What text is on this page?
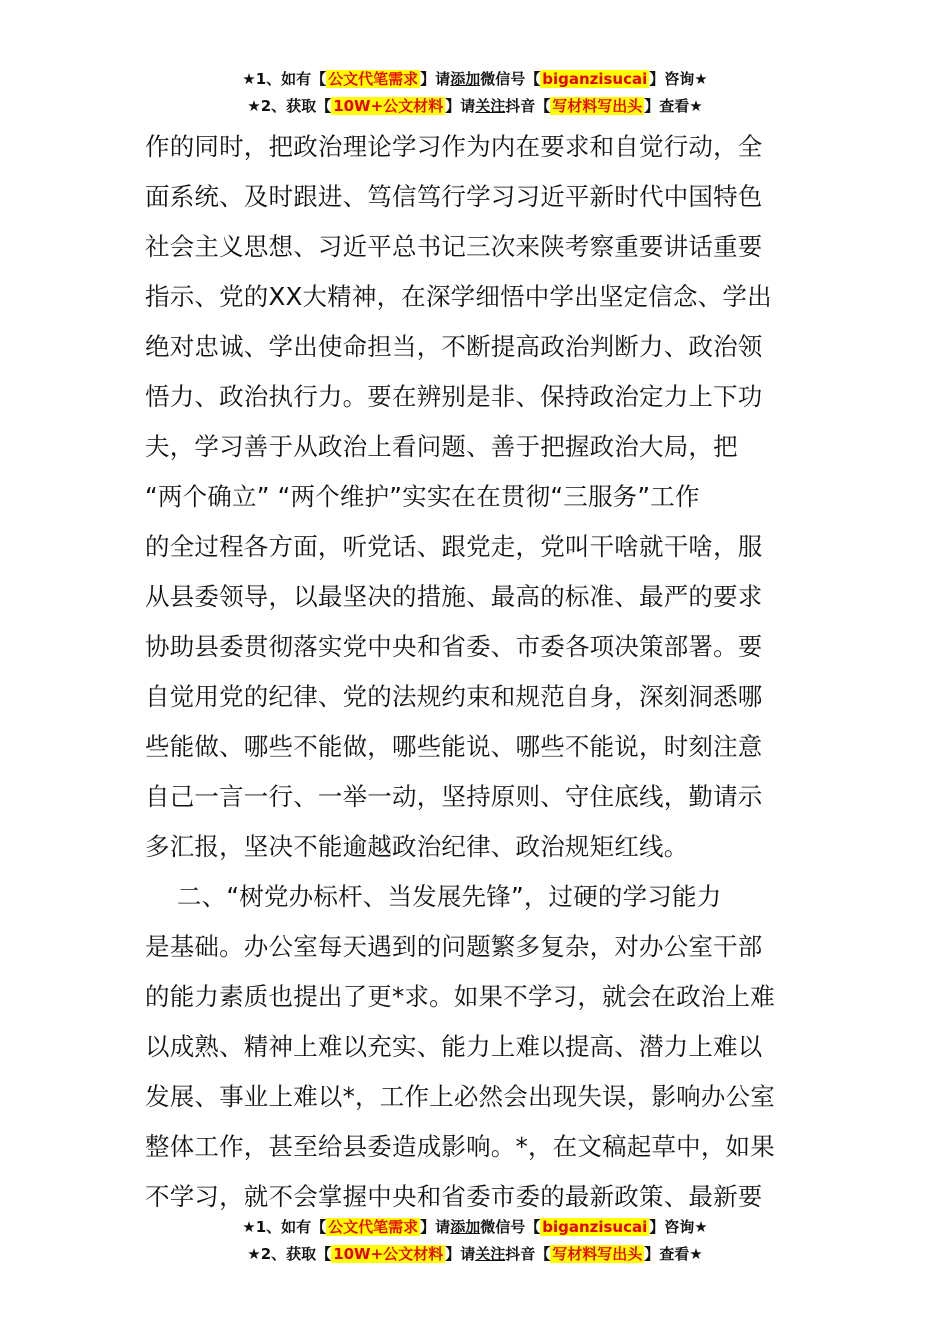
★1、如有【 公文代笔需求 】请添加微信号【 biganzisucai 】咨询★
★2、获取【 10W+公文材料 】请关注抖音【 写材料写出头 】查看★
作的同时，把政治理论学习作为内在要求和自觉行动，全
面系统、及时跟进、笃信笃行学习习近平新时代中国特色
社会主义思想、习近平总书记三次来陕考察重要讲话重要
指示、党的XX大精神，在深学细悟中学出坚定信念、学出
绝对忠诚、学出使命担当，不断提高政治判断力、政治领
悟力、政治执行力。要在辨别是非、保持政治定力上下功
夫，学习善于从政治上看问题、善于把握政治大局，把
“两个确立” “两个维护”实实在在贯彻“三服务”工作
的全过程各方面，听党话、跟党走，党叫干啥就干啥，服
从县委领导，以最坚决的措施、最高的标准、最严的要求
协助县委贯彻落实党中央和省委、市委各项决策部署。要
自觉用党的纪律、党的法规约束和规范自身，深刻洞悉哪
些能做、哪些不能做，哪些能说、哪些不能说，时刻注意
自己一言一行、一举一动，坚持原则、守住底线，勤请示
多汇报，坚决不能逾越政治纪律、政治规矩红线。
二、“树党办标杆、当发展先锋”，过硬的学习能力
是基础。办公室每天遇到的问题繁多复杂，对办公室干部
的能力素质也提出了更*求。如果不学习，就会在政治上难
以成熟、精神上难以充实、能力上难以提高、潜力上难以
发展、事业上难以*，工作上必然会出现失误，影响办公室
整体工作，甚至给县委造成影响。*，在文稿起草中，如果
不学习，就不会掌握中央和省委市委的最新政策、最新要
★1、如有【 公文代笔需求 】请添加微信号【 biganzisucai 】咨询★
★2、获取【 10W+公文材料 】请关注抖音【 写材料写出头 】查看★
